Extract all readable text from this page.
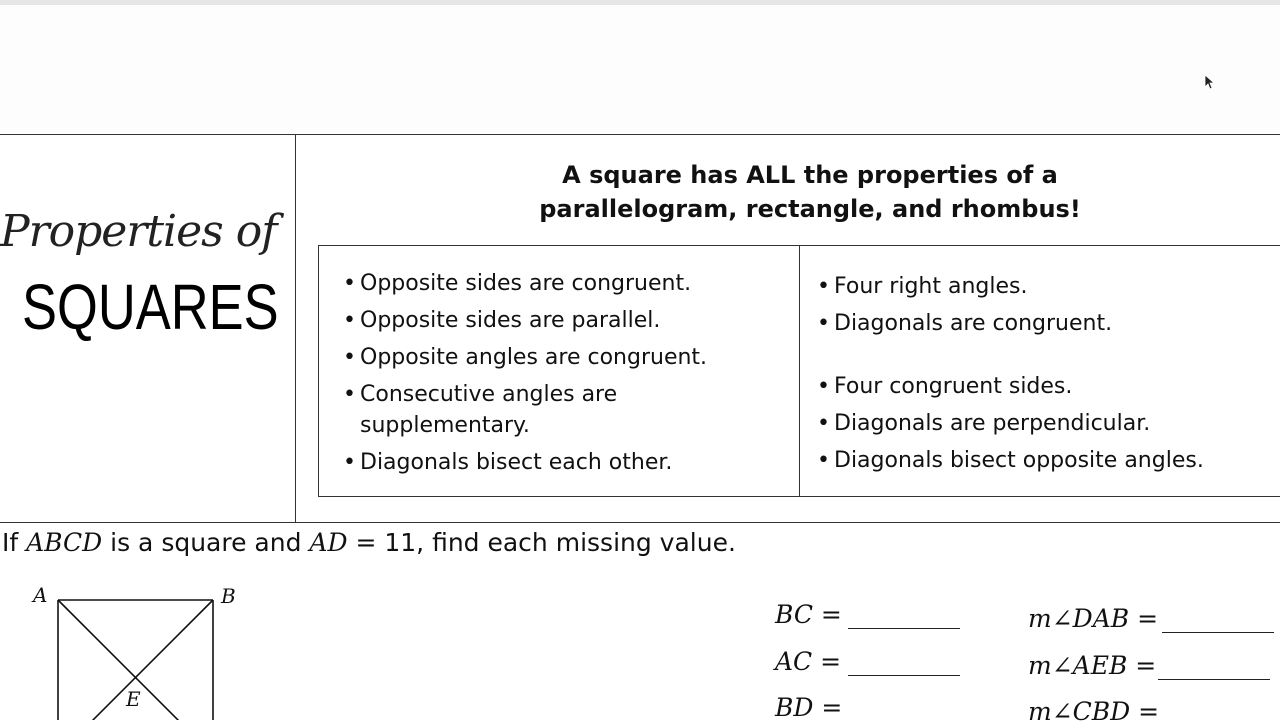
Properties of
SQUARES
A square has ALL the properties of a
parallelogram, rectangle, and rhombus!
• Opposite sides are congruent.
• Opposite sides are parallel.
• Opposite angles are congruent.
• Consecutive angles are supplementary.
• Diagonals bisect each other.
• Four right angles.
• Diagonals are congruent.
• Four congruent sides.
• Diagonals are perpendicular.
• Diagonals bisect opposite angles.
If ABCD is a square and AD = 11, find each missing value.
A	B
E
BC =
AC =
BD =
m∠DAB =
m∠AEB =
m∠CBD =
